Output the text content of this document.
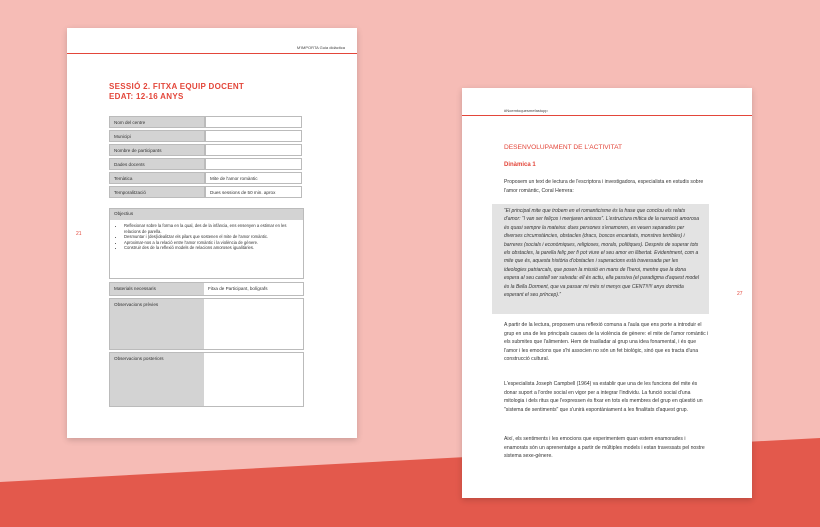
M'IMPORTA Guia didàctica
21
SESSIÓ 2. FITXA EQUIP DOCENT
EDAT: 12-16 ANYS
Nom del centre	
Municipi	
Nombre de participants	
Dades docents	
Temàtica	Mite de l'amor romàntic
Temporalització	Dues sessions de 50 min. aprox
Objectius
• Reflexionar sobre la forma en la qual, des de la infància, ens ensenyen a estimar en les relacions de parella.
• Desmuntar i (des)idealitzar els pilars que sostenen el mite de l'amor romàntic.
• Aproximar-nos a la relació entre l'amor romàntic i la violència de gènere.
• Construir des de la reflexió models de relacions amoroses igualitàries.
Materials necessaris	Fitxa de Participant, bolígrafs
Observacions prèvies
Observacions posteriors
#Noemtoquesmefastupp
27
DESENVOLUPAMENT DE L'ACTIVITAT
Dinàmica 1

Proposem un text de lectura de l'escriptora i investigadora, especialista en estudis sobre l'amor romàntic, Coral Herrera:

“El principal mite que trobem en el romanticisme és la frase que conclou els relats d'amor: “I van ser feliços i menjaren anissos”. L'estructura mítica de la narració amorosa és quasi sempre la mateixa: dues persones s'enamoren, es veuen separades per diverses circumstàncies, obstacles (dracs, boscos encantats, monstres terribles) i barreres (socials i econòmiques, religioses, morals, polítiques). Després de superar tots els obstacles, la parella feliç per fi pot viure el seu amor en llibertat. Evidentment, com a mite que és, aquesta història d'obstacles i superacions està travessada per les ideologies patriarcals, que posen la missió en mans de l'heroi, mentre que la dona espera al seu castell ser salvada: ell és actiu, ella passiva (el paradigma d'aquest model és la Bella Dorment, que va passar mi més ni menys que CENT!!!!! anys dormida esperant el seu príncep).”

A partir de la lectura, proposem una reflexió comuna a l'aula que ens porte a introduir el grup en una de les principals causes de la violència de gènere: el mite de l'amor romàntic i els submites que l'alimenten. Hem de traslladar al grup una idea fonamental, i és que l'amor i les emocions que s'hi associen no són un fet biològic, sinó que es tracta d'una construcció cultural.

L'especialista Joseph Campbell (1964) va establir que una de les funcions del mite és donar suport a l'ordre social en vigor per a integrar l'individu. La funció social d'una mitologia i dels ritus que l'expressen és fixar en tots els membres del grup en qüestió un "sistema de sentiments" que s'unirà espontàniament a les finalitats d'aquest grup.

Així, els sentiments i les emocions que experimentem quan estem enamorades i enamorats són un aprenentatge a partir de múltiples models i estan travessats pel nostre sistema sexe-gènere.
